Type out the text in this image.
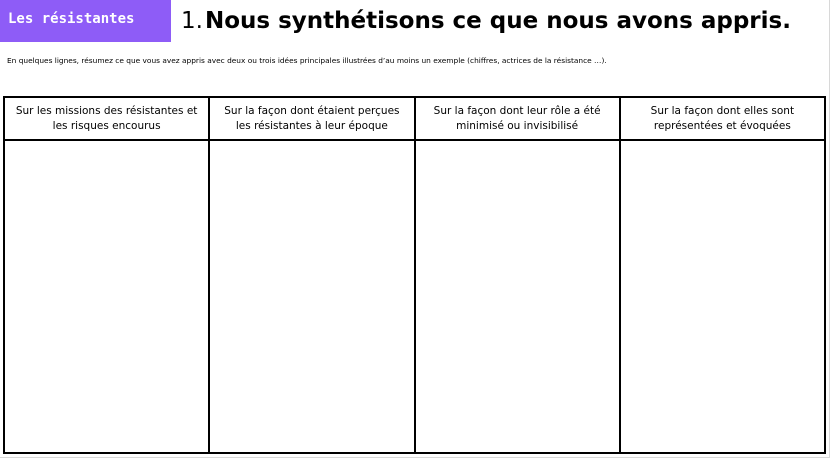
Les résistantes	1.Nous synthétisons ce que nous avons appris.
En quelques lignes, résumez ce que vous avez appris avec deux ou trois idées principales illustrées d’au moins un exemple (chiffres, actrices de la résistance …).
Sur les missions des résistantes et les risques encourus
Sur la façon dont étaient perçues les résistantes à leur époque
Sur la façon dont leur rôle a été minimisé ou invisibilisé
Sur la façon dont elles sont représentées et évoquées
